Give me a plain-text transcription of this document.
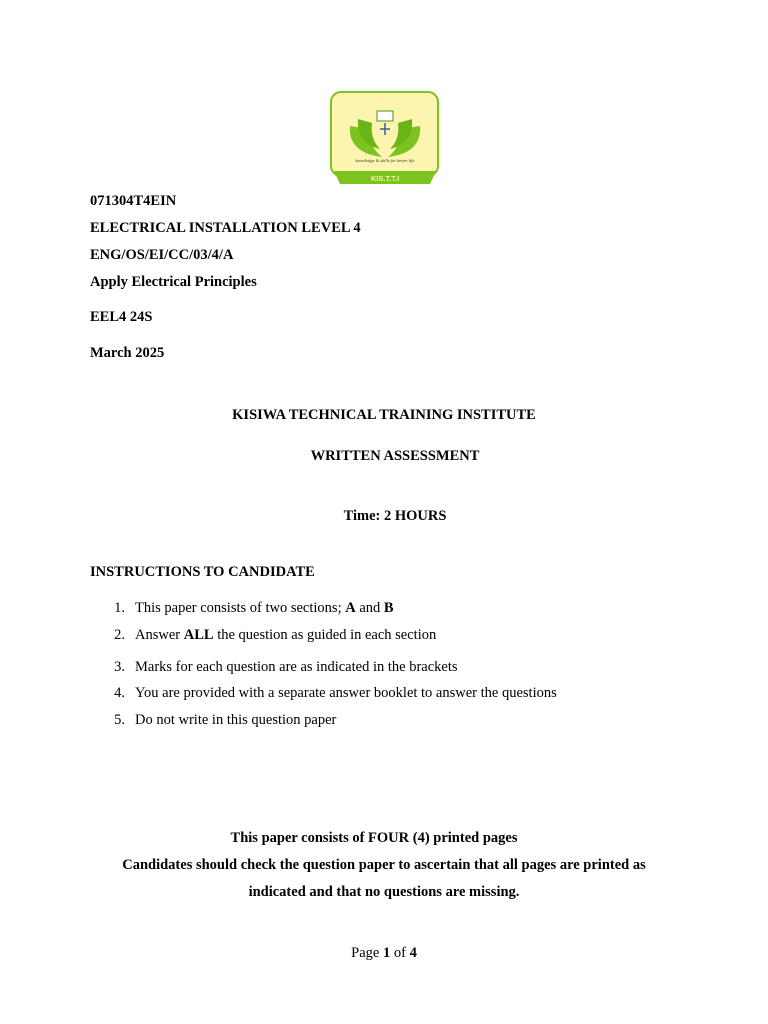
knowledge & skills for better life
KIS.T.T.I
071304T4EIN
ELECTRICAL INSTALLATION LEVEL 4
ENG/OS/EI/CC/03/4/A
Apply Electrical Principles
EEL4 24S
March 2025
KISIWA TECHNICAL TRAINING INSTITUTE
WRITTEN ASSESSMENT
Time: 2 HOURS
INSTRUCTIONS TO CANDIDATE
1. This paper consists of two sections; A and B
2. Answer ALL the question as guided in each section
3. Marks for each question are as indicated in the brackets
4. You are provided with a separate answer booklet to answer the questions
5. Do not write in this question paper
This paper consists of FOUR (4) printed pages
Candidates should check the question paper to ascertain that all pages are printed as
indicated and that no questions are missing.
Page 1 of 4
